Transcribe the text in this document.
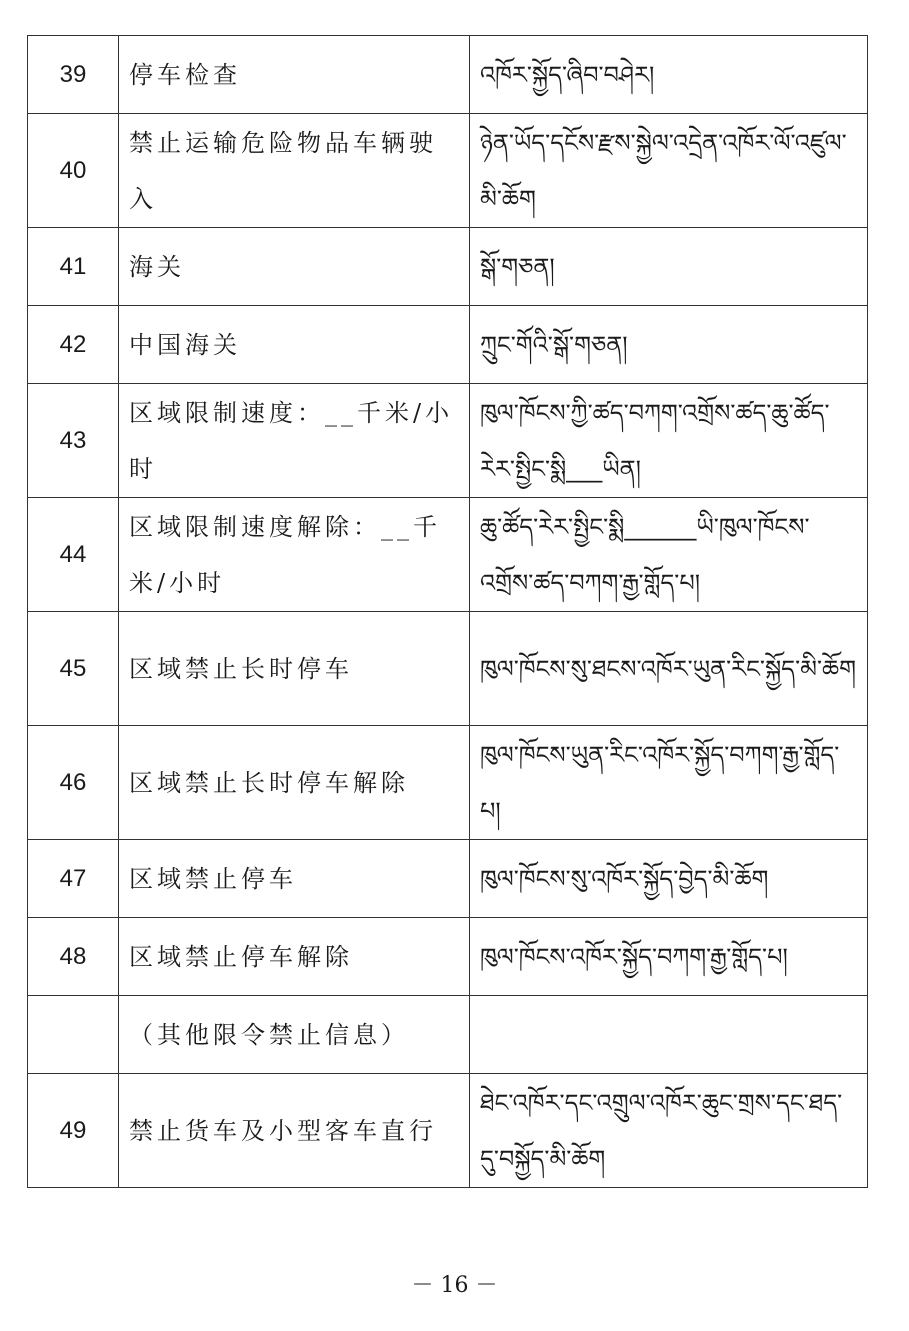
39	停车检查	འཁོར་སྐྱོད་ཞིབ་བཤེར།
40	禁止运输危险物品车辆驶入	ཉེན་ཡོད་དངོས་རྫས་སྐྱེལ་འདྲེན་འཁོར་ལོ་འཛུལ་མི་ཆོག
41	海关	སྒོ་གཅན།
42	中国海关	ཀྲུང་གོའི་སྒོ་གཅན།
43	区域限制速度：__千米/小时	ཁུལ་ཁོངས་ཀྱི་ཚད་བཀག་འགྲོས་ཚད་ཆུ་ཚོད་རེར་སྤྱིང་སྨི___ཡིན།
44	区域限制速度解除：__千米/小时	ཆུ་ཚོད་རེར་སྤྱིང་སྨི______ཡི་ཁུལ་ཁོངས་འགྲོས་ཚད་བཀག་རྒྱ་གློད་པ།
45	区域禁止长时停车	ཁུལ་ཁོངས་སུ་ཐངས་འཁོར་ཡུན་རིང་སྐྱོད་མི་ཆོག
46	区域禁止长时停车解除	ཁུལ་ཁོངས་ཡུན་རིང་འཁོར་སྐྱོད་བཀག་རྒྱ་གློད་པ།
47	区域禁止停车	ཁུལ་ཁོངས་སུ་འཁོར་སྐྱོད་བྱེད་མི་ཆོག
48	区域禁止停车解除	ཁུལ་ཁོངས་འཁོར་སྐྱོད་བཀག་རྒྱ་གློད་པ།
	（其他限令禁止信息）	
49	禁止货车及小型客车直行	ཐེང་འཁོར་དང་འགྲུལ་འཁོར་ཆུང་གྲས་དང་ཐད་དུ་བསྐྱོད་མི་ཆོག
－ 16 －
